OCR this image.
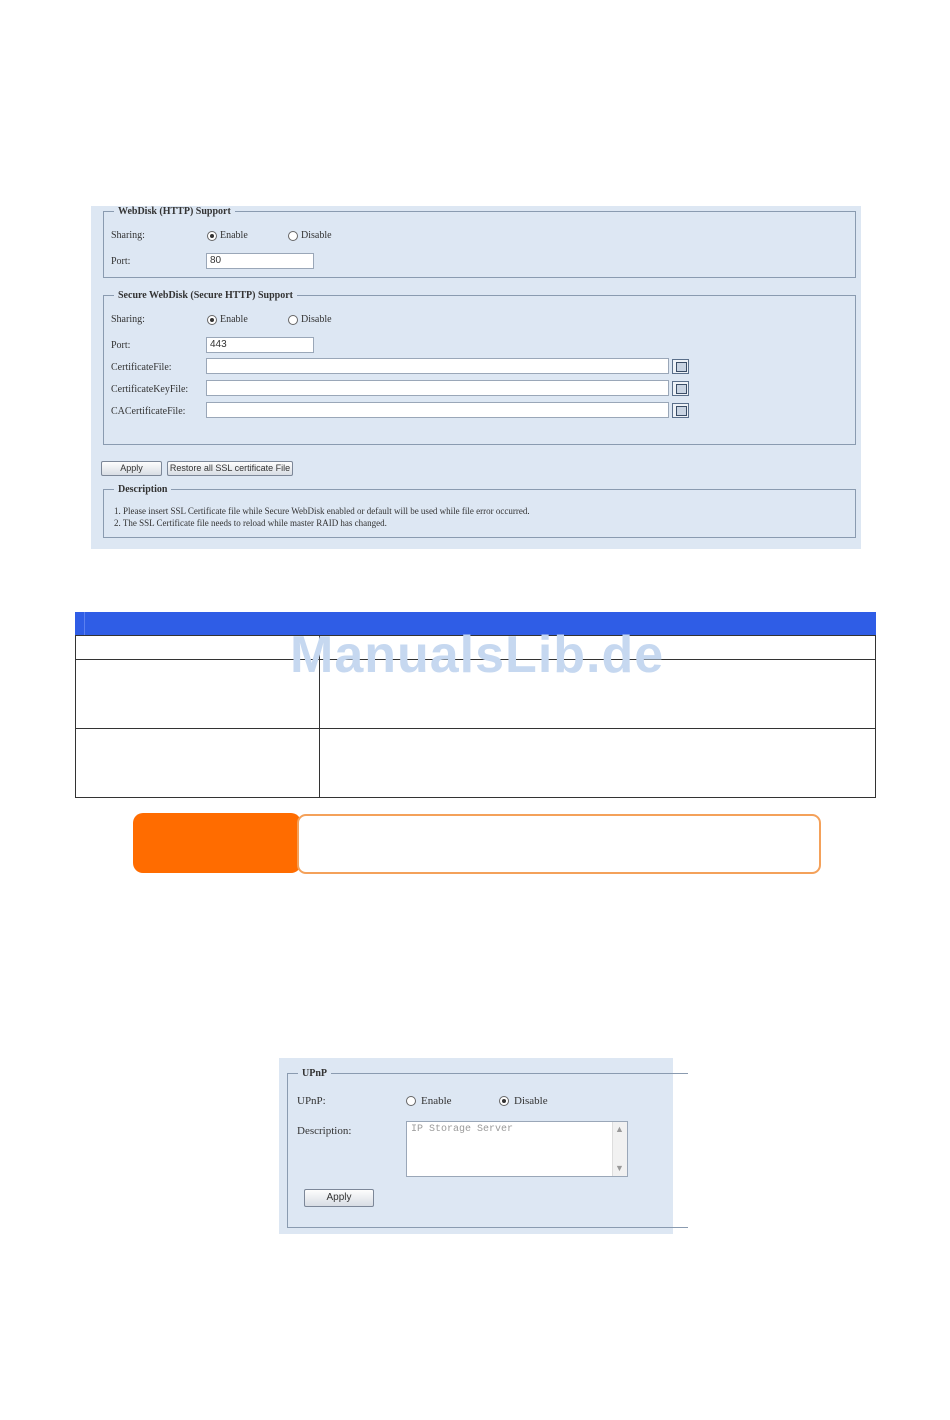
WebDisk (HTTP) Support
Sharing:	Enable	Disable
Port:	80
Secure WebDisk (Secure HTTP) Support
Sharing:	Enable	Disable
Port:	443
CertificateFile:
CertificateKeyFile:
CACertificateFile:
Apply	Restore all SSL certificate File
Description
1. Please insert SSL Certificate file while Secure WebDisk enabled or default will be used while file error occurred.
2. The SSL Certificate file needs to reload while master RAID has changed.
ManualsLib.de
UPnP
UPnP:	Enable	Disable
Description:	IP Storage Server	▲
▼
Apply
